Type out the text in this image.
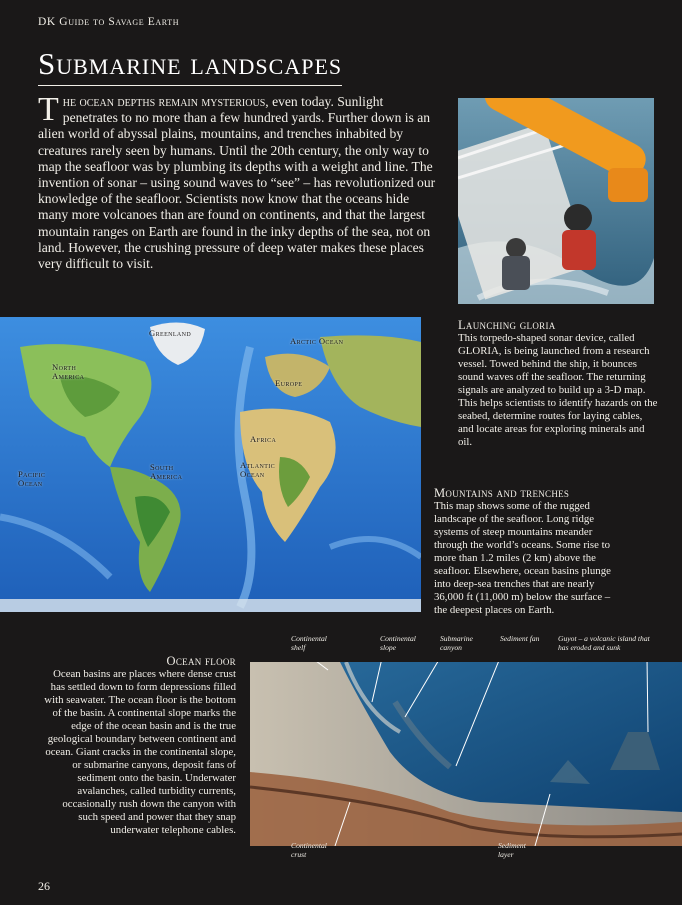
DK Guide to Savage Earth
Submarine landscapes
The ocean depths remain mysterious, even today. Sunlight penetrates to no more than a few hundred yards. Further down is an alien world of abyssal plains, mountains, and trenches inhabited by creatures rarely seen by humans. Until the 20th century, the only way to map the seafloor was by plumbing its depths with a weight and line. The invention of sonar – using sound waves to “see” – has revolutionized our knowledge of the seafloor. Scientists now know that the oceans hide many more volcanoes than are found on continents, and that the largest mountain ranges on Earth are found in the inky depths of the sea, not on land. However, the crushing pressure of deep water makes these places very difficult to visit.
Launching gloria
This torpedo-shaped sonar device, called GLORIA, is being launched from a research vessel. Towed behind the ship, it bounces sound waves off the seafloor. The returning signals are analyzed to build up a 3-D map. This helps scientists to identify hazards on the seabed, determine routes for laying cables, and locate areas for exploring minerals and oil.
Greenland
Arctic Ocean
North America
Europe
Africa
Pacific Ocean
South America
Atlantic Ocean
Mountains and trenches
This map shows some of the rugged landscape of the seafloor. Long ridge systems of steep mountains meander through the world’s oceans. Some rise to more than 1.2 miles (2 km) above the seafloor. Elsewhere, ocean basins plunge into deep-sea trenches that are nearly 36,000 ft (11,000 m) below the surface – the deepest places on Earth.
Ocean floor
Ocean basins are places where dense crust has settled down to form depressions filled with seawater. The ocean floor is the bottom of the basin. A continental slope marks the edge of the ocean basin and is the true geological boundary between continent and ocean. Giant cracks in the continental slope, or submarine canyons, deposit fans of sediment onto the basin. Underwater avalanches, called turbidity currents, occasionally rush down the canyon with such speed and power that they snap underwater telephone cables.
Continental shelf
Continental slope
Submarine canyon
Sediment fan Guyot – a volcanic island that has eroded and sunk
Continental crust
Sediment layer
26
